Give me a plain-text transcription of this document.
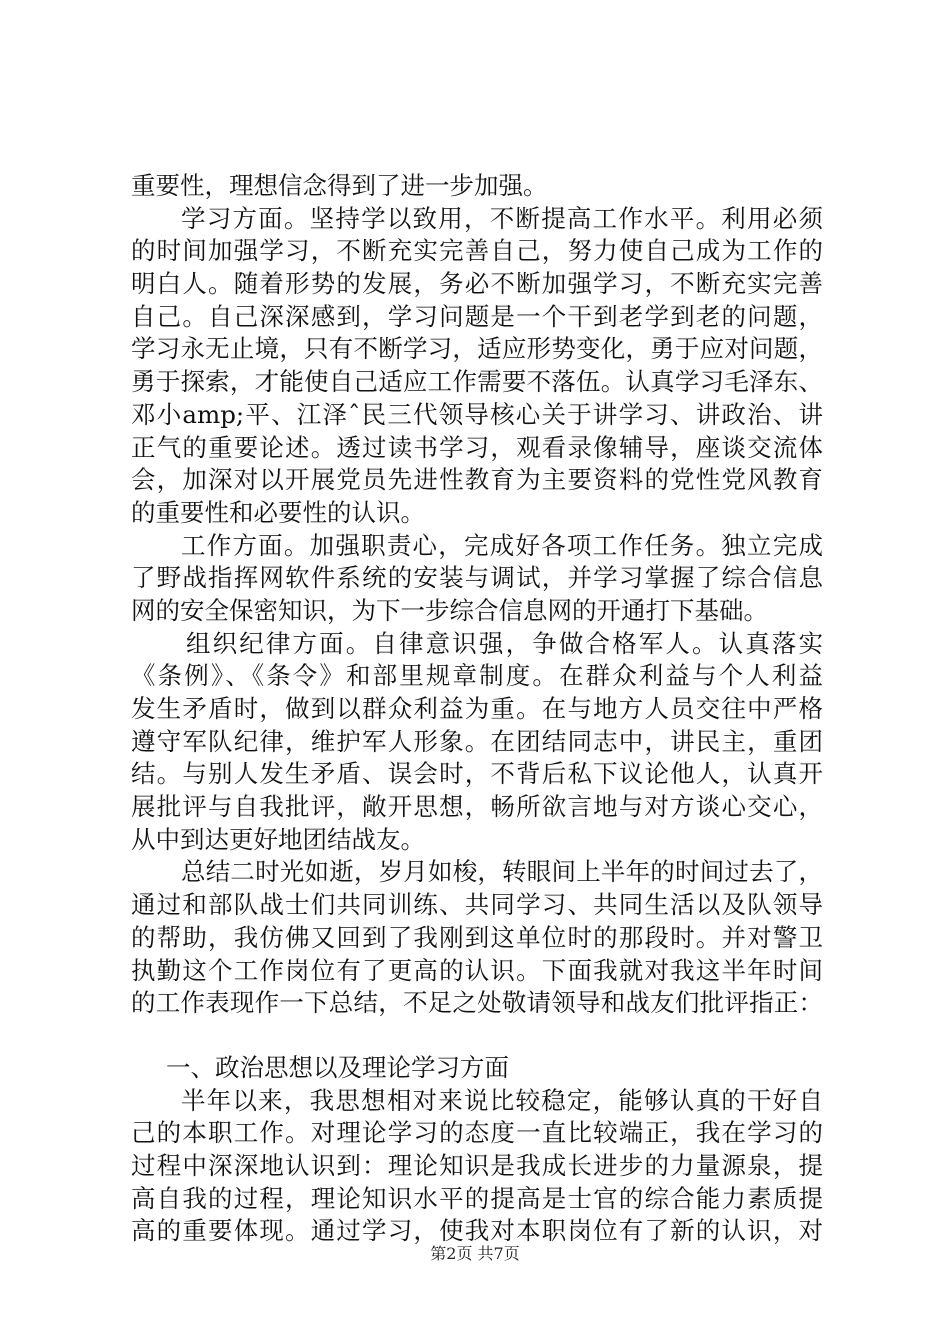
重要性，理想信念得到了进一步加强。
学习方面。坚持学以致用，不断提高工作水平。利用必须
的时间加强学习，不断充实完善自己，努力使自己成为工作的
明白人。随着形势的发展，务必不断加强学习，不断充实完善
自己。自己深深感到，学习问题是一个干到老学到老的问题，
学习永无止境，只有不断学习，适应形势变化，勇于应对问题，
勇于探索，才能使自己适应工作需要不落伍。认真学习毛泽东、
邓小amp;平、江泽ˆ民三代领导核心关于讲学习、讲政治、讲
正气的重要论述。透过读书学习，观看录像辅导，座谈交流体
会，加深对以开展党员先进性教育为主要资料的党性党风教育
的重要性和必要性的认识。
工作方面。加强职责心，完成好各项工作任务。独立完成
了野战指挥网软件系统的安装与调试，并学习掌握了综合信息
网的安全保密知识，为下一步综合信息网的开通打下基础。
组织纪律方面。自律意识强，争做合格军人。认真落实
《条例》、《条令》和部里规章制度。在群众利益与个人利益
发生矛盾时，做到以群众利益为重。在与地方人员交往中严格
遵守军队纪律，维护军人形象。在团结同志中，讲民主，重团
结。与别人发生矛盾、误会时，不背后私下议论他人，认真开
展批评与自我批评，敞开思想，畅所欲言地与对方谈心交心，
从中到达更好地团结战友。
总结二时光如逝，岁月如梭，转眼间上半年的时间过去了，
通过和部队战士们共同训练、共同学习、共同生活以及队领导
的帮助，我仿佛又回到了我刚到这单位时的那段时。并对警卫
执勤这个工作岗位有了更高的认识。下面我就对我这半年时间
的工作表现作一下总结，不足之处敬请领导和战友们批评指正：
一、政治思想以及理论学习方面
半年以来，我思想相对来说比较稳定，能够认真的干好自
己的本职工作。对理论学习的态度一直比较端正，我在学习的
过程中深深地认识到：理论知识是我成长进步的力量源泉，提
高自我的过程，理论知识水平的提高是士官的综合能力素质提
高的重要体现。通过学习，使我对本职岗位有了新的认识，对
第2页 共7页
